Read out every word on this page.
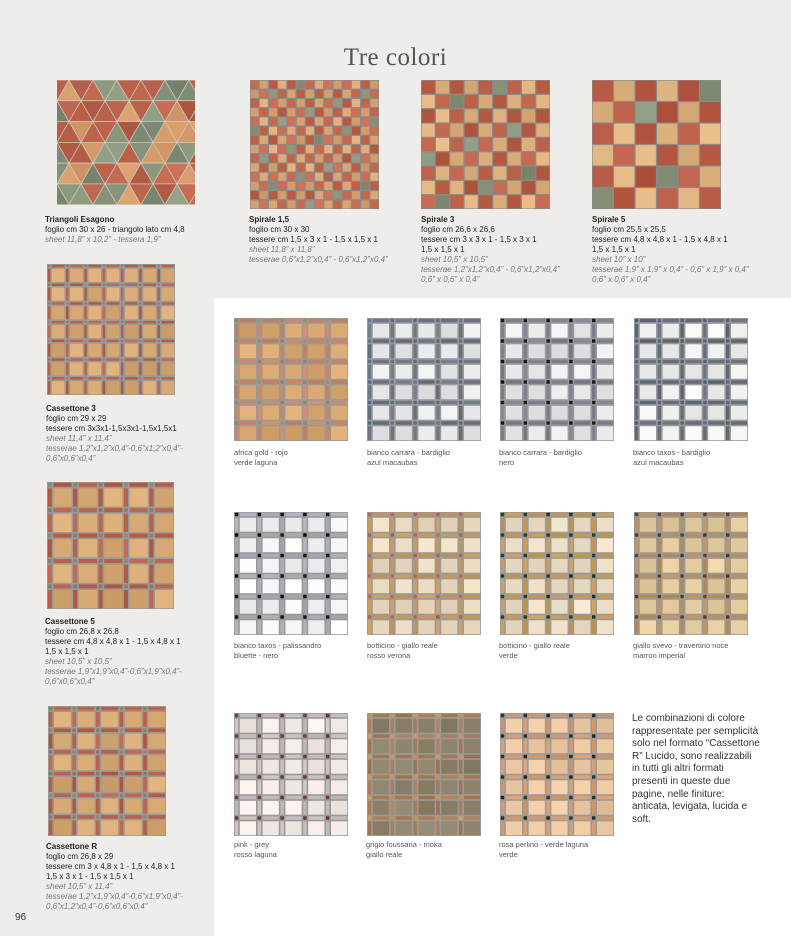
Tre colori
Triangoli Esagono
foglio cm 30 x 26 - triangolo lato cm 4,8
sheet 11,8” x 10,2” - tessera 1,9”
Spirale 1,5
foglio cm 30 x 30
tessere cm 1,5 x 3 x 1 - 1,5 x 1,5 x 1
sheet 11,8” x 11,8”
tesserae 0,6”x1,2”x0,4” - 0,6”x1,2”x0,4”
Spirale 3
foglio cm 26,6 x 26,6
tessere cm 3 x 3 x 1 - 1,5 x 3 x 1
1,5 x 1,5 x 1
sheet 10,5” x 10,5”
tesserae 1,2”x1,2”x0,4” - 0,6”x1,2”x0,4”
0,6” x 0,6” x 0,4”
Spirale 5
foglio cm 25,5 x 25,5
tessere cm 4,8 x 4,8 x 1 - 1,5 x 4,8 x 1
1,5 x 1,5 x 1
sheet 10” x 10”
tesserae 1,9” x 1,9” x 0,4” - 0,6” x 1,9” x 0,4”
0,6” x 0,6” x 0,4”
Cassettone 3
foglio cm 29 x 29
tessere cm 3x3x1-1,5x3x1-1,5x1,5x1
sheet 11,4” x 11,4”
tesserae 1,2”x1,2”x0,4”-0,6”x1,2”x0,4”-
0,6”x0,6”x0,4”
Cassettone 5
foglio cm 26,8 x 26,8
tessere cm 4,8 x 4,8 x 1 - 1,5 x 4,8 x 1
1,5 x 1,5 x 1
sheet 10,5” x 10,5”
tesserae 1,9”x1,9”x0,4”-0,6”x1,9”x0,4”-
0,6”x0,6”x0,4”
Cassettone R
foglio cm 26,8 x 29
tessere cm 3 x 4,8 x 1 - 1,5 x 4,8 x 1
1,5 x 3 x 1 - 1,5 x 1,5 x 1
sheet 10,5” x 11,4”
tesserae 1,2”x1,9”x0,4”-0,6”x1,9”x0,4”-
0,6”x1,2”x0,4”-0,6”x0,6”x0,4”
africa gold - rojo
verde laguna
bianco carrara - bardiglio
azul macaubas
bianco carrara - bardiglio
nero
bianco taxos - bardiglio
azul macaubas
bianco taxos - palissandro
bluette - nero
botticino - giallo reale
rosso verona
botticino - giallo reale
verde
giallo svevo - travertino noce
marron imperial
pink - grey
rosso laguna
grigio foussana - moka
giallo reale
rosa perlino - verde laguna
verde
Le combinazioni di colore rappresentate per semplicità solo nel formato “Cassettone R” Lucido, sono realizzabili in tutti gli altri formati presenti in queste due pagine, nelle finiture: anticata, levigata, lucida e soft.
96
